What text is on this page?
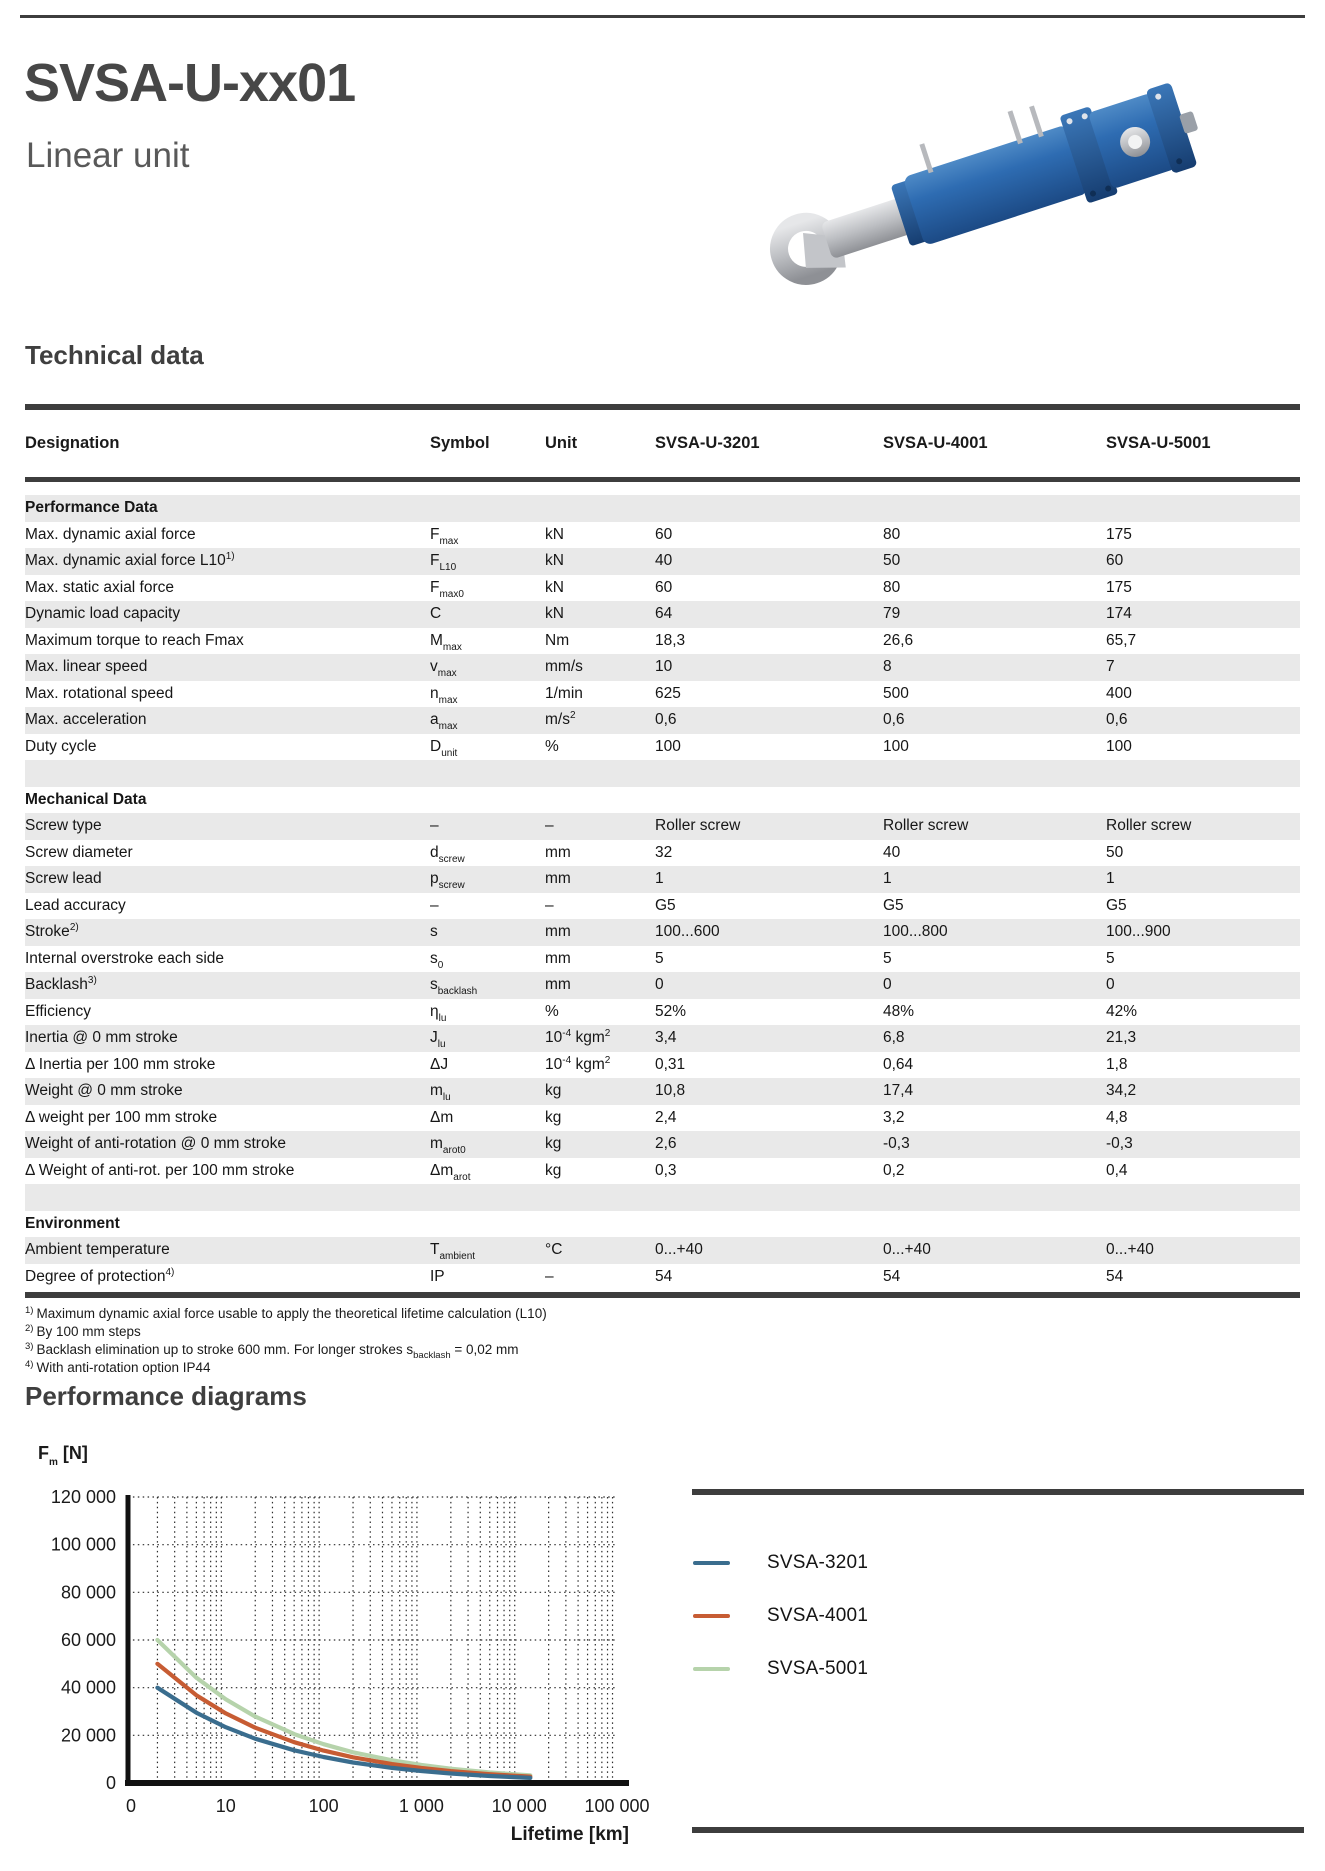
SVSA-U-xx01
Linear unit
Technical data
Designation	Symbol	Unit	SVSA-U-3201	SVSA-U-4001	SVSA-U-5001
Performance Data
Max. dynamic axial force	$F_{max}$	kN	60	80	175
Max. dynamic axial force L10$^{1)}$	$F_{L10}$	kN	40	50	60
Max. static axial force	$F_{max0}$	kN	60	80	175
Dynamic load capacity	C	kN	64	79	174
Maximum torque to reach Fmax	$M_{max}$	Nm	18,3	26,6	65,7
Max. linear speed	$v_{max}$	mm/s	10	8	7
Max. rotational speed	$n_{max}$	1/min	625	500	400
Max. acceleration	$a_{max}$	$m/s^2$	0,6	0,6	0,6
Duty cycle	$D_{unit}$	%	100	100	100
Mechanical Data
Screw type	–	–	Roller screw	Roller screw	Roller screw
Screw diameter	$d_{screw}$	mm	32	40	50
Screw lead	$p_{screw}$	mm	1	1	1
Lead accuracy	–	–	G5	G5	G5
Stroke$^{2)}$	s	mm	100...600	100...800	100...900
Internal overstroke each side	$s_0$	mm	5	5	5
Backlash$^{3)}$	$s_{backlash}$	mm	0	0	0
Efficiency	$\eta_{lu}$	%	52%	48%	42%
Inertia @ 0 mm stroke	$J_{lu}$	$10^{-4}$ kgm$^2$	3,4	6,8	21,3
Δ Inertia per 100 mm stroke	ΔJ	$10^{-4}$ kgm$^2$	0,31	0,64	1,8
Weight @ 0 mm stroke	$m_{lu}$	kg	10,8	17,4	34,2
Δ weight per 100 mm stroke	Δm	kg	2,4	3,2	4,8
Weight of anti-rotation @ 0 mm stroke	$m_{arot0}$	kg	2,6	-0,3	-0,3
Δ Weight of anti-rot. per 100 mm stroke	$\Delta m_{arot}$	kg	0,3	0,2	0,4
Environment
Ambient temperature	$T_{ambient}$	°C	0...+40	0...+40	0...+40
Degree of protection$^{4)}$	IP	–	54	54	54
$^{1)}$ Maximum dynamic axial force usable to apply the theoretical lifetime calculation (L10)
$^{2)}$ By 100 mm steps
$^{3)}$ Backlash elimination up to stroke 600 mm. For longer strokes $s_{backlash} = 0,02$ mm
$^{4)}$ With anti-rotation option IP44
Performance diagrams
$F_m$ [N]
0
20 000
40 000
60 000
80 000
100 000
120 000
0	10	100	1 000	10 000 100 000
Lifetime [km]
SVSA-3201
SVSA-4001
SVSA-5001
